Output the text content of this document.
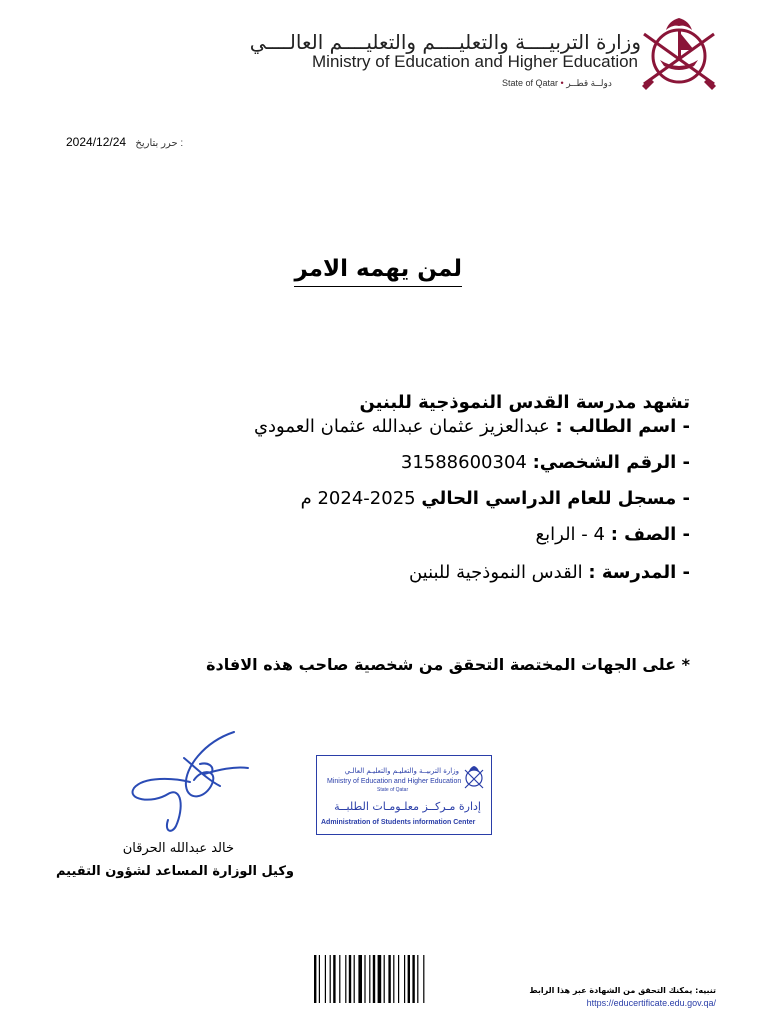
وزارة التربيــــة والتعليــــم والتعليــــم العالــــي
Ministry of Education and Higher Education
State of Qatar • دولــة قطــر
2024/12/24 حرر بتاريخ :
لمن يهمه الامر
تشهد مدرسة القدس النموذجية للبنين
- اسم الطالب : عبدالعزيز عثمان عبدالله عثمان العمودي
- الرقم الشخصي: 31588600304
- مسجل للعام الدراسي الحالي 2025-2024 م
- الصف : 4 - الرابع
- المدرسة : القدس النموذجية للبنين
* على الجهات المختصة التحقق من شخصية صاحب هذه الافادة
خالد عبدالله الحرقان
وكيل الوزارة المساعد لشؤون التقييم
وزارة التربيــة والتعليـم والتعليـم العالـي
Ministry of Education and Higher Education
State of Qatar
إدارة مـركــز معلـومـات الطلبــة
Administration of Students information Center
تنبيه: يمكنك التحقق من الشهادة عبر هذا الرابط
https://educertificate.edu.gov.qa/
